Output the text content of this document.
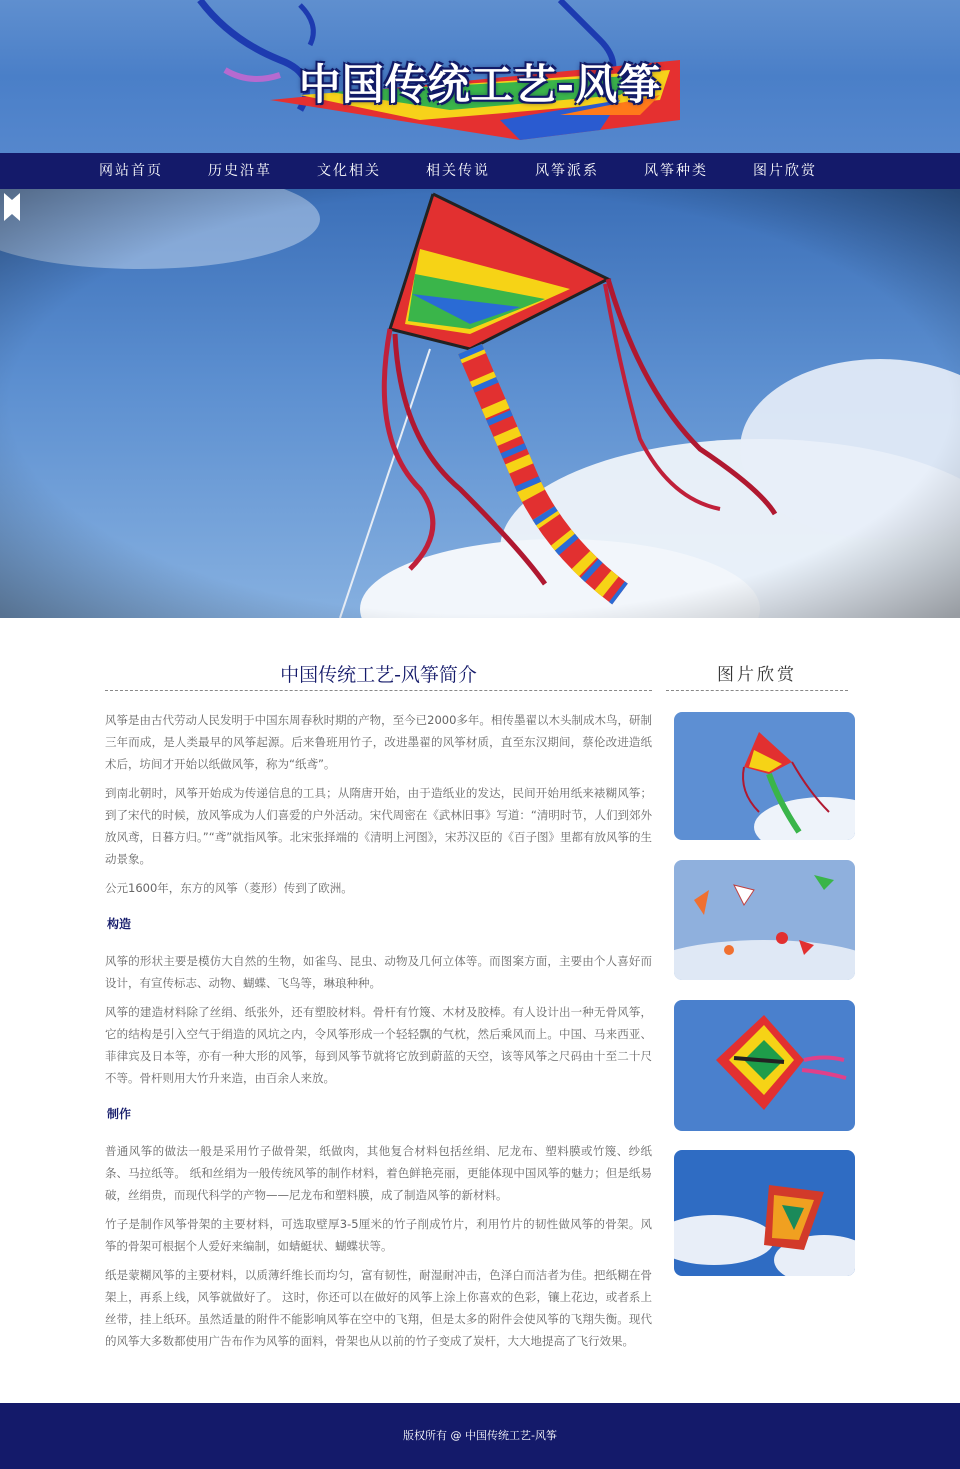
中国传统工艺-风筝
网站首页	历史沿革	文化相关	相关传说	风筝派系	风筝种类	图片欣赏
中国传统工艺-风筝简介

风筝是由古代劳动人民发明于中国东周春秋时期的产物，至今已2000多年。相传墨翟以木头制成木鸟，研制三年而成，是人类最早的风筝起源。后来鲁班用竹子，改进墨翟的风筝材质，直至东汉期间，蔡伦改进造纸术后，坊间才开始以纸做风筝，称为“纸鸢”。

到南北朝时，风筝开始成为传递信息的工具；从隋唐开始，由于造纸业的发达，民间开始用纸来裱糊风筝；到了宋代的时候，放风筝成为人们喜爱的户外活动。宋代周密在《武林旧事》写道：“清明时节，人们到郊外放风鸢，日暮方归。”“鸢”就指风筝。北宋张择端的《清明上河图》，宋苏汉臣的《百子图》里都有放风筝的生动景象。

公元1600年，东方的风筝（菱形）传到了欧洲。

构造

风筝的形状主要是模仿大自然的生物，如雀鸟、昆虫、动物及几何立体等。而图案方面，主要由个人喜好而设计，有宣传标志、动物、蝴蝶、飞鸟等，琳琅种种。

风筝的建造材料除了丝绢、纸张外，还有塑胶材料。骨杆有竹篾、木材及胶棒。有人设计出一种无骨风筝，它的结构是引入空气于绢造的风坑之内，令风筝形成一个轻轻飘的气枕，然后乘风而上。中国、马来西亚、菲律宾及日本等，亦有一种大形的风筝，每到风筝节就将它放到蔚蓝的天空，该等风筝之尺码由十至二十尺不等。骨杆则用大竹升来造，由百余人来放。

制作

普通风筝的做法一般是采用竹子做骨架，纸做肉，其他复合材料包括丝绢、尼龙布、塑料膜或竹篾、纱纸条、马拉纸等。 纸和丝绢为一般传统风筝的制作材料，着色鲜艳亮丽，更能体现中国风筝的魅力；但是纸易破，丝绢贵，而现代科学的产物——尼龙布和塑料膜，成了制造风筝的新材料。

竹子是制作风筝骨架的主要材料，可选取壁厚3-5厘米的竹子削成竹片，利用竹片的韧性做风筝的骨架。风筝的骨架可根据个人爱好来编制，如蜻蜓状、蝴蝶状等。

纸是蒙糊风筝的主要材料，以质薄纤维长而均匀，富有韧性，耐湿耐冲击，色泽白而洁者为佳。把纸糊在骨架上，再系上线，风筝就做好了。 这时，你还可以在做好的风筝上涂上你喜欢的色彩，镶上花边，或者系上丝带，挂上纸环。虽然适量的附件不能影响风筝在空中的飞翔，但是太多的附件会使风筝的飞翔失衡。现代的风筝大多数都使用广告布作为风筝的面料，骨架也从以前的竹子变成了炭杆，大大地提高了飞行效果。

图片欣赏
版权所有 @ 中国传统工艺-风筝
